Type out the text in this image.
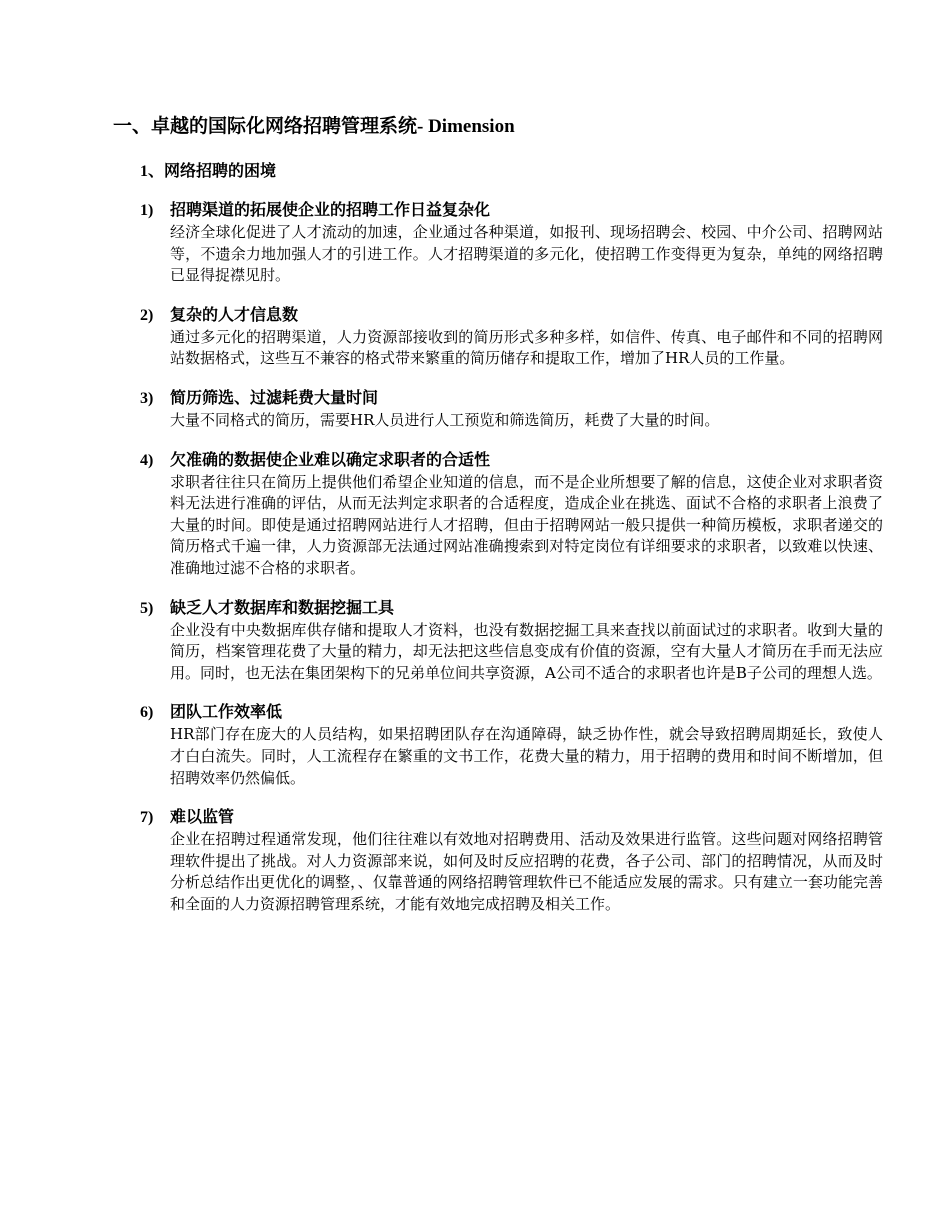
一、卓越的国际化网络招聘管理系统- Dimension
1、网络招聘的困境
1) 招聘渠道的拓展使企业的招聘工作日益复杂化
经济全球化促进了人才流动的加速，企业通过各种渠道，如报刊、现场招聘会、校园、中介公司、招聘网站等，不遗余力地加强人才的引进工作。人才招聘渠道的多元化，使招聘工作变得更为复杂，单纯的网络招聘已显得捉襟见肘。
2) 复杂的人才信息数
通过多元化的招聘渠道，人力资源部接收到的简历形式多种多样，如信件、传真、电子邮件和不同的招聘网站数据格式，这些互不兼容的格式带来繁重的简历储存和提取工作，增加了HR人员的工作量。
3) 简历筛选、过滤耗费大量时间
大量不同格式的简历，需要HR人员进行人工预览和筛选简历，耗费了大量的时间。
4) 欠准确的数据使企业难以确定求职者的合适性
求职者往往只在简历上提供他们希望企业知道的信息，而不是企业所想要了解的信息，这使企业对求职者资料无法进行准确的评估，从而无法判定求职者的合适程度，造成企业在挑选、面试不合格的求职者上浪费了大量的时间。即使是通过招聘网站进行人才招聘，但由于招聘网站一般只提供一种简历模板，求职者递交的简历格式千遍一律，人力资源部无法通过网站准确搜索到对特定岗位有详细要求的求职者，以致难以快速、准确地过滤不合格的求职者。
5) 缺乏人才数据库和数据挖掘工具
企业没有中央数据库供存储和提取人才资料，也没有数据挖掘工具来查找以前面试过的求职者。收到大量的简历，档案管理花费了大量的精力，却无法把这些信息变成有价值的资源，空有大量人才简历在手而无法应用。同时，也无法在集团架构下的兄弟单位间共享资源，A公司不适合的求职者也许是B子公司的理想人选。
6) 团队工作效率低
HR部门存在庞大的人员结构，如果招聘团队存在沟通障碍，缺乏协作性，就会导致招聘周期延长，致使人才白白流失。同时，人工流程存在繁重的文书工作，花费大量的精力，用于招聘的费用和时间不断增加，但招聘效率仍然偏低。
7) 难以监管
企业在招聘过程通常发现，他们往往难以有效地对招聘费用、活动及效果进行监管。这些问题对网络招聘管理软件提出了挑战。对人力资源部来说，如何及时反应招聘的花费，各子公司、部门的招聘情况，从而及时分析总结作出更优化的调整，、仅靠普通的网络招聘管理软件已不能适应发展的需求。只有建立一套功能完善和全面的人力资源招聘管理系统，才能有效地完成招聘及相关工作。
